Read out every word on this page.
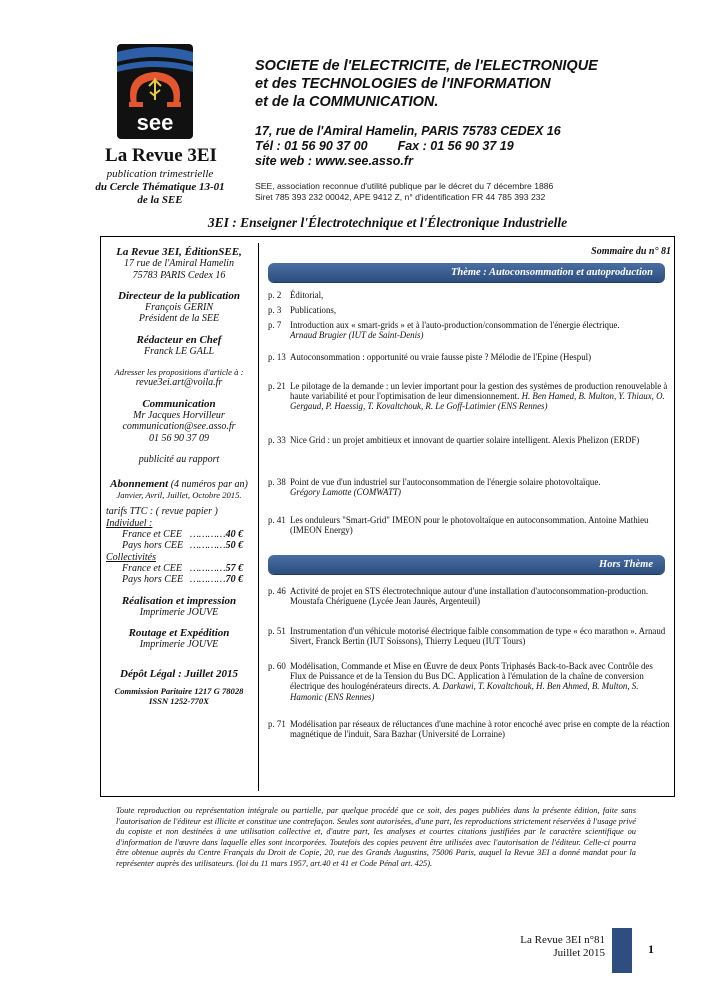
see
La Revue 3EI
publication trimestrielle
du Cercle Thématique 13-01
de la SEE
SOCIETE de l'ELECTRICITE, de l'ELECTRONIQUE
et des TECHNOLOGIES de l'INFORMATION
et de la COMMUNICATION.
17, rue de l'Amiral Hamelin, PARIS 75783 CEDEX 16
Tél : 01 56 90 37 00 Fax : 01 56 90 37 19
site web : www.see.asso.fr
SEE, association reconnue d'utilité publique par le décret du 7 décembre 1886
Siret 785 393 232 00042, APE 9412 Z, n° d'identification FR 44 785 393 232
3EI : Enseigner l'Électrotechnique et l'Électronique Industrielle
La Revue 3EI, ÉditionSEE,
17 rue de l'Amiral Hamelin
75783 PARIS Cedex 16
Directeur de la publication
François GERIN
Président de la SEE
Rédacteur en Chef
Franck LE GALL
Adresser les propositions d'article à :
revue3ei.art@voila.fr
Communication
Mr Jacques Horvilleur
communication@see.asso.fr
01 56 90 37 09
publicité au rapport
Abonnement (4 numéros par an)
Janvier, Avril, Juillet, Octobre 2015.
tarifs TTC : ( revue papier )
Individuel :
France et CEE …………40 €
Pays hors CEE …………50 €
Collectivités
France et CEE …………57 €
Pays hors CEE …………70 €
Réalisation et impression
Imprimerie JOUVE
Routage et Expédition
Imprimerie JOUVE
Dépôt Légal : Juillet 2015
Commission Paritaire 1217 G 78028
ISSN 1252-770X
Sommaire du n° 81
Thème : Autoconsommation et autoproduction
p. 2 Éditorial,
p. 3 Publications,
p. 7 Introduction aux « smart-grids » et à l'auto-production/consommation de l'énergie électrique.
Arnaud Brugier (IUT de Saint-Denis)
p. 13 Autoconsommation : opportunité ou vraie fausse piste ? Mélodie de l'Epine (Hespul)
p. 21 Le pilotage de la demande : un levier important pour la gestion des systèmes de production renouvelable à haute variabilité et pour l'optimisation de leur dimensionnement. H. Ben Hamed, B. Multon, Y. Thiaux, O. Gergaud, P. Haessig, T. Kovaltchouk, R. Le Goff-Latimier (ENS Rennes)
p. 33 Nice Grid : un projet ambitieux et innovant de quartier solaire intelligent. Alexis Phelizon (ERDF)
p. 38 Point de vue d'un industriel sur l'autoconsommation de l'énergie solaire photovoltaïque.
Grégory Lamotte (COMWATT)
p. 41 Les onduleurs "Smart-Grid" IMEON pour le photovoltaïque en autoconsommation. Antoine Mathieu (IMEON Energy)
Hors Thème
p. 46 Activité de projet en STS électrotechnique autour d'une installation d'autoconsommation-production. Moustafa Chériguene (Lycée Jean Jaurès, Argenteuil)
p. 51 Instrumentation d'un véhicule motorisé électrique faible consommation de type « éco marathon ». Arnaud Sivert, Franck Bertin (IUT Soissons), Thierry Lequeu (IUT Tours)
p. 60 Modélisation, Commande et Mise en Œuvre de deux Ponts Triphasés Back-to-Back avec Contrôle des Flux de Puissance et de la Tension du Bus DC. Application à l'émulation de la chaîne de conversion électrique des houlogénérateurs directs. A. Darkawi, T. Kovaltchouk, H. Ben Ahmed, B. Multon, S. Hamonic (ENS Rennes)
p. 71 Modélisation par réseaux de réluctances d'une machine à rotor encoché avec prise en compte de la réaction magnétique de l'induit, Sara Bazhar (Université de Lorraine)
Toute reproduction ou représentation intégrale ou partielle, par quelque procédé que ce soit, des pages publiées dans la présente édition, faite sans l'autorisation de l'éditeur est illicite et constitue une contrefaçon. Seules sont autorisées, d'une part, les reproductions strictement réservées à l'usage privé du copiste et non destinées à une utilisation collective et, d'autre part, les analyses et courtes citations justifiées par le caractère scientifique ou d'information de l'œuvre dans laquelle elles sont incorporées. Toutefois des copies peuvent être utilisées avec l'autorisation de l'éditeur. Celle-ci pourra être obtenue auprès du Centre Français du Droit de Copie, 20, rue des Grands Augustins, 75006 Paris, auquel la Revue 3EI a donné mandat pour la représenter auprès des utilisateurs. (loi du 11 mars 1957, art.40 et 41 et Code Pénal art. 425).
La Revue 3EI n°81
Juillet 2015	1
